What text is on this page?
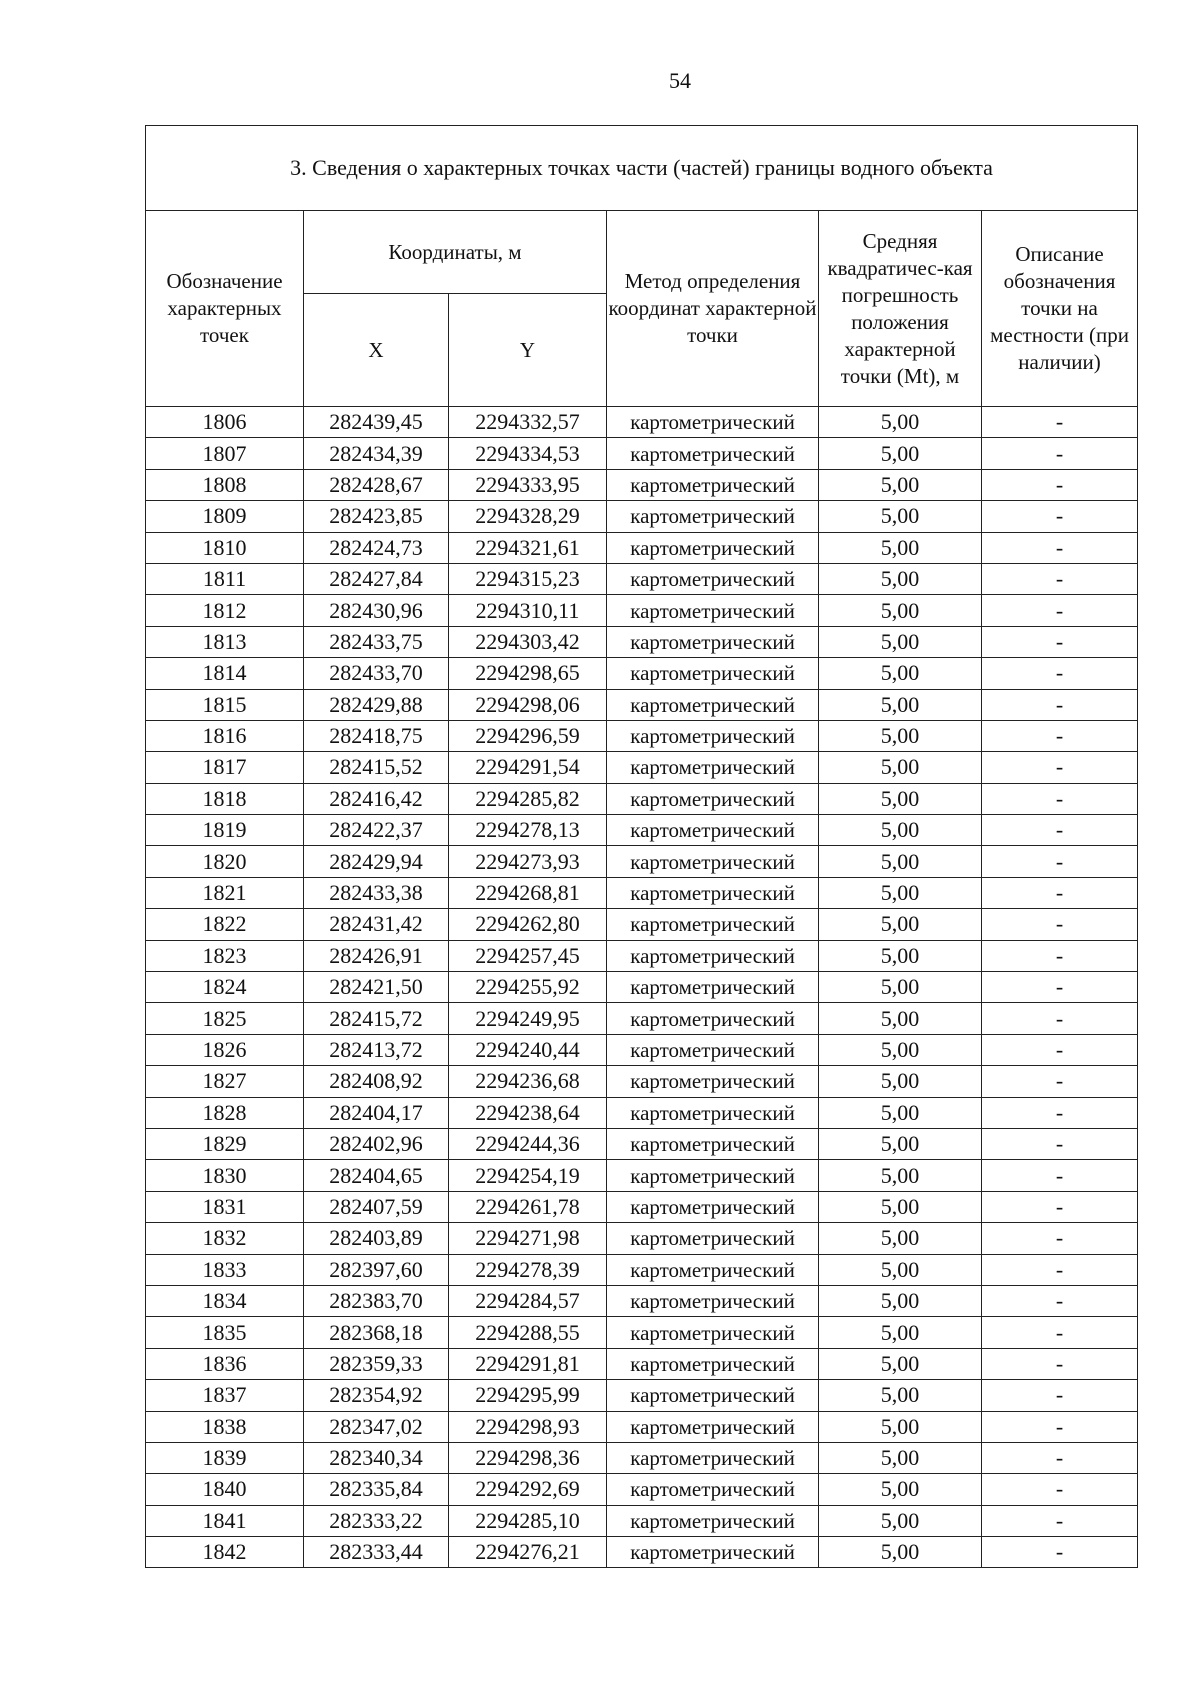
54
3. Сведения о характерных точках части (частей) границы водного объекта					
Обозначение характерных точек	Координаты, м		Метод определения координат характерной точки	Средняя квадратичес-кая погрешность положения характерной точки (Mt), м	Описание обозначения точки на местности (при наличии)
	X	Y			
1806	282439,45	2294332,57	картометрический	5,00	-
1807	282434,39	2294334,53	картометрический	5,00	-
1808	282428,67	2294333,95	картометрический	5,00	-
1809	282423,85	2294328,29	картометрический	5,00	-
1810	282424,73	2294321,61	картометрический	5,00	-
1811	282427,84	2294315,23	картометрический	5,00	-
1812	282430,96	2294310,11	картометрический	5,00	-
1813	282433,75	2294303,42	картометрический	5,00	-
1814	282433,70	2294298,65	картометрический	5,00	-
1815	282429,88	2294298,06	картометрический	5,00	-
1816	282418,75	2294296,59	картометрический	5,00	-
1817	282415,52	2294291,54	картометрический	5,00	-
1818	282416,42	2294285,82	картометрический	5,00	-
1819	282422,37	2294278,13	картометрический	5,00	-
1820	282429,94	2294273,93	картометрический	5,00	-
1821	282433,38	2294268,81	картометрический	5,00	-
1822	282431,42	2294262,80	картометрический	5,00	-
1823	282426,91	2294257,45	картометрический	5,00	-
1824	282421,50	2294255,92	картометрический	5,00	-
1825	282415,72	2294249,95	картометрический	5,00	-
1826	282413,72	2294240,44	картометрический	5,00	-
1827	282408,92	2294236,68	картометрический	5,00	-
1828	282404,17	2294238,64	картометрический	5,00	-
1829	282402,96	2294244,36	картометрический	5,00	-
1830	282404,65	2294254,19	картометрический	5,00	-
1831	282407,59	2294261,78	картометрический	5,00	-
1832	282403,89	2294271,98	картометрический	5,00	-
1833	282397,60	2294278,39	картометрический	5,00	-
1834	282383,70	2294284,57	картометрический	5,00	-
1835	282368,18	2294288,55	картометрический	5,00	-
1836	282359,33	2294291,81	картометрический	5,00	-
1837	282354,92	2294295,99	картометрический	5,00	-
1838	282347,02	2294298,93	картометрический	5,00	-
1839	282340,34	2294298,36	картометрический	5,00	-
1840	282335,84	2294292,69	картометрический	5,00	-
1841	282333,22	2294285,10	картометрический	5,00	-
1842	282333,44	2294276,21	картометрический	5,00	-
